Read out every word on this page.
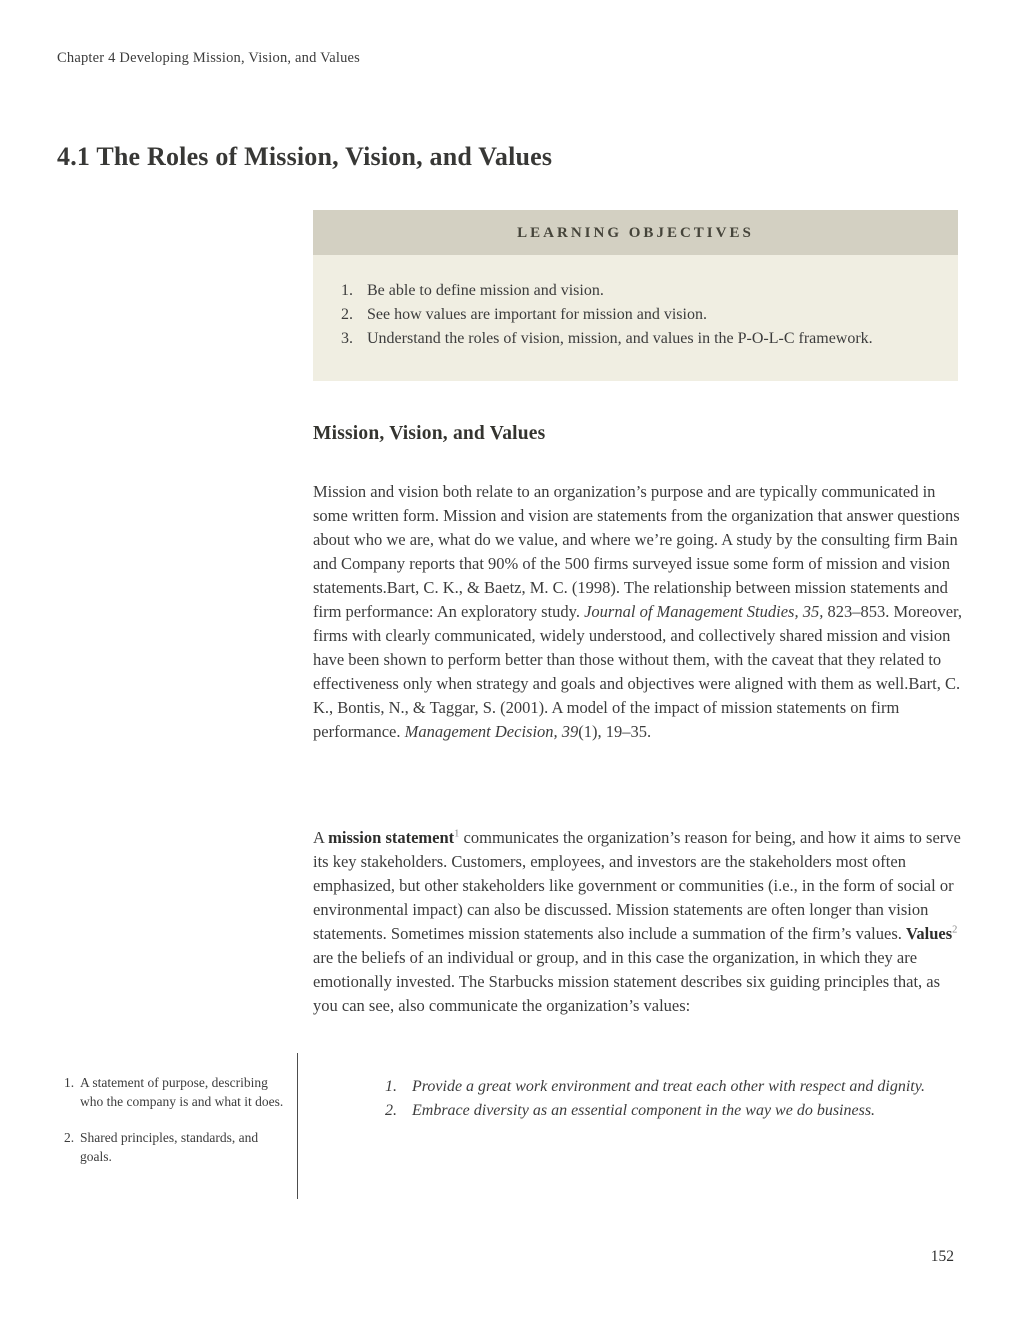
Chapter 4 Developing Mission, Vision, and Values
4.1 The Roles of Mission, Vision, and Values
LEARNING OBJECTIVES
1. Be able to define mission and vision.
2. See how values are important for mission and vision.
3. Understand the roles of vision, mission, and values in the P-O-L-C framework.
Mission, Vision, and Values

Mission and vision both relate to an organization’s purpose and are typically communicated in some written form. Mission and vision are statements from the organization that answer questions about who we are, what do we value, and where we’re going. A study by the consulting firm Bain and Company reports that 90% of the 500 firms surveyed issue some form of mission and vision statements.Bart, C. K., & Baetz, M. C. (1998). The relationship between mission statements and firm performance: An exploratory study. Journal of Management Studies, 35, 823–853. Moreover, firms with clearly communicated, widely understood, and collectively shared mission and vision have been shown to perform better than those without them, with the caveat that they related to effectiveness only when strategy and goals and objectives were aligned with them as well.Bart, C. K., Bontis, N., & Taggar, S. (2001). A model of the impact of mission statements on firm performance. Management Decision, 39(1), 19–35.

A mission statement$^1$ communicates the organization’s reason for being, and how it aims to serve its key stakeholders. Customers, employees, and investors are the stakeholders most often emphasized, but other stakeholders like government or communities (i.e., in the form of social or environmental impact) can also be discussed. Mission statements are often longer than vision statements. Sometimes mission statements also include a summation of the firm’s values. Values$^2$ are the beliefs of an individual or group, and in this case the organization, in which they are emotionally invested. The Starbucks mission statement describes six guiding principles that, as you can see, also communicate the organization’s values:

1. A statement of purpose, describing who the company is and what it does.
2. Shared principles, standards, and goals.
1. Provide a great work environment and treat each other with respect and dignity.
2. Embrace diversity as an essential component in the way we do business.
152
